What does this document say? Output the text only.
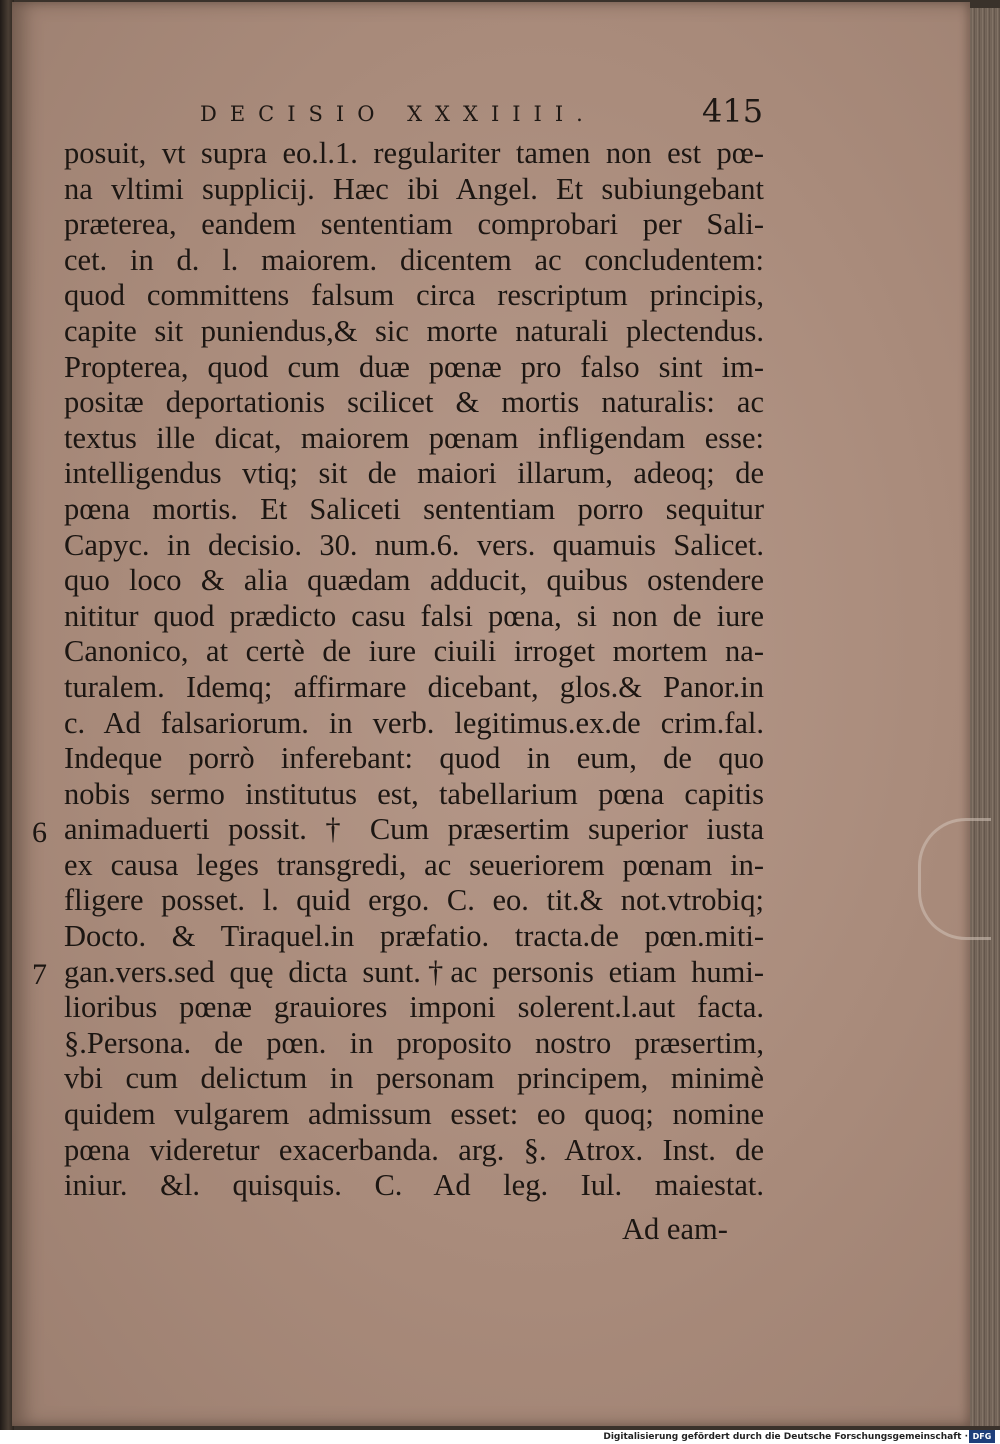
DECISIO XXXIIII.	415
posuit, vt supra eo.l.1. regulariter tamen non est pœ-
na vltimi supplicij. Hæc ibi Angel. Et subiungebant
præterea, eandem sententiam comprobari per Sali-
cet. in d. l. maiorem. dicentem ac concludentem:
quod committens falsum circa rescriptum principis,
capite sit puniendus,& sic morte naturali plectendus.
Propterea, quod cum duæ pœnæ pro falso sint im-
positæ deportationis scilicet & mortis naturalis: ac
textus ille dicat, maiorem pœnam infligendam esse:
intelligendus vtiq; sit de maiori illarum, adeoq; de
pœna mortis. Et Saliceti sententiam porro sequitur
Capyc. in decisio. 30. num.6. vers. quamuis Salicet.
quo loco & alia quædam adducit, quibus ostendere
nititur quod prædicto casu falsi pœna, si non de iure
Canonico, at certè de iure ciuili irroget mortem na-
turalem. Idemq; affirmare dicebant, glos.& Panor.in
c. Ad falsariorum. in verb. legitimus.ex.de crim.fal.
Indeque porrò inferebant: quod in eum, de quo
nobis sermo institutus est, tabellarium pœna capitis
animaduerti possit. † Cum præsertim superior iusta
ex causa leges transgredi, ac seueriorem pœnam in-
fligere posset. l. quid ergo. C. eo. tit.& not.vtrobiq;
Docto. & Tiraquel.in præfatio. tracta.de pœn.miti-
gan.vers.sed quę dicta sunt.†ac personis etiam humi-
lioribus pœnæ grauiores imponi solerent.l.aut facta.
§.Persona. de pœn. in proposito nostro præsertim,
vbi cum delictum in personam principem, minimè
quidem vulgarem admissum esset: eo quoq; nomine
pœna videretur exacerbanda. arg. §. Atrox. Inst. de
iniur. &l. quisquis. C. Ad leg. Iul. maiestat.
6
7
Ad eam-
Digitalisierung gefördert durch die Deutsche Forschungsgemeinschaft · DFG
